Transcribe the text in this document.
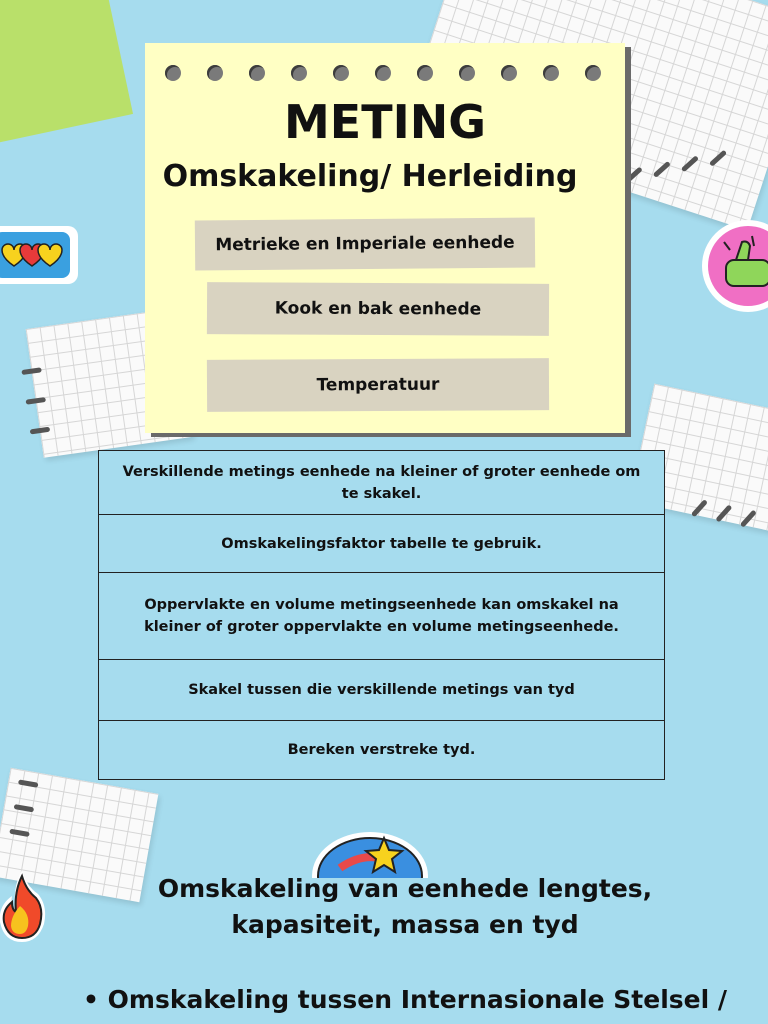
METING
Omskakeling/ Herleiding
Metrieke en Imperiale eenhede
Kook en bak eenhede
Temperatuur
Verskillende metings eenhede na kleiner of groter eenhede om te skakel.
Omskakelingsfaktor tabelle te gebruik.
Oppervlakte en volume metingseenhede kan omskakel na kleiner of groter oppervlakte en volume metingseenhede.
Skakel tussen die verskillende metings van tyd
Bereken verstreke tyd.
Omskakeling van eenhede lengtes, kapasiteit, massa en tyd
• Omskakeling tussen Internasionale Stelsel /
